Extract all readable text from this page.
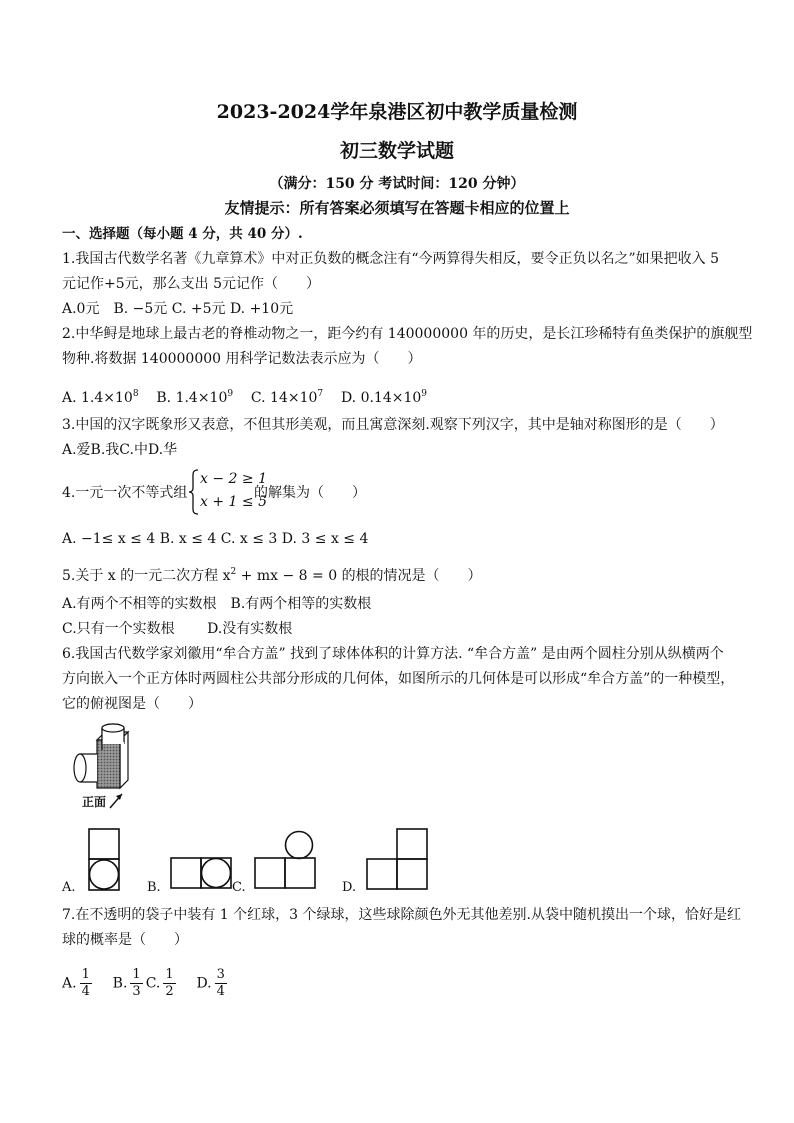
2023-2024学年泉港区初中教学质量检测
初三数学试题
（满分：150 分 考试时间：120 分钟）
友情提示：所有答案必须填写在答题卡相应的位置上
一、选择题（每小题 4 分，共 40 分）.
1.我国古代数学名著《九章算术》中对正负数的概念注有“今两算得失相反，要令正负以名之”如果把收入 5
元记作+5元，那么支出 5元记作（　　）
A.0元　B. −5元 C. +5元 D. +10元
2.中华鲟是地球上最古老的脊椎动物之一，距今约有 140000000 年的历史，是长江珍稀特有鱼类保护的旗舰型
物种.将数据 140000000 用科学记数法表示应为（　　）
A. $1.4\times 10^8$ B. $1.4\times 10^9$ C. $14\times 10^7$ D. $0.14\times 10^9$
3.中国的汉字既象形又表意，不但其形美观，而且寓意深刻.观察下列汉字，其中是轴对称图形的是（　　）
A.爱B.我C.中D.华
4.一元一次不等式组
x − 2 ≥ 1
x + 1 ≤ 5
的解集为（　　）
A. −1≤ x ≤ 4 B. x ≤ 4 C. x ≤ 3 D. 3 ≤ x ≤ 4
5.关于 x 的一元二次方程 $x^2$ + mx − 8 = 0 的根的情况是（　　）
A.有两个不相等的实数根　B.有两个相等的实数根
C.只有一个实数根　　 D.没有实数根
6.我国古代数学家刘徽用“牟合方盖” 找到了球体体积的计算方法. “牟合方盖” 是由两个圆柱分别从纵横两个
方向嵌入一个正方体时两圆柱公共部分形成的几何体，如图所示的几何体是可以形成“牟合方盖”的一种模型，
它的俯视图是（　　）
正面
A.	B.	C.	D.
7.在不透明的袋子中装有 1 个红球，3 个绿球，这些球除颜色外无其他差别.从袋中随机摸出一个球，恰好是红
球的概率是（　　）
A. $\frac{1}{4} B$. $\frac{1}{3} C$. $\frac{1}{2} D$. $\frac{3}{4}$
